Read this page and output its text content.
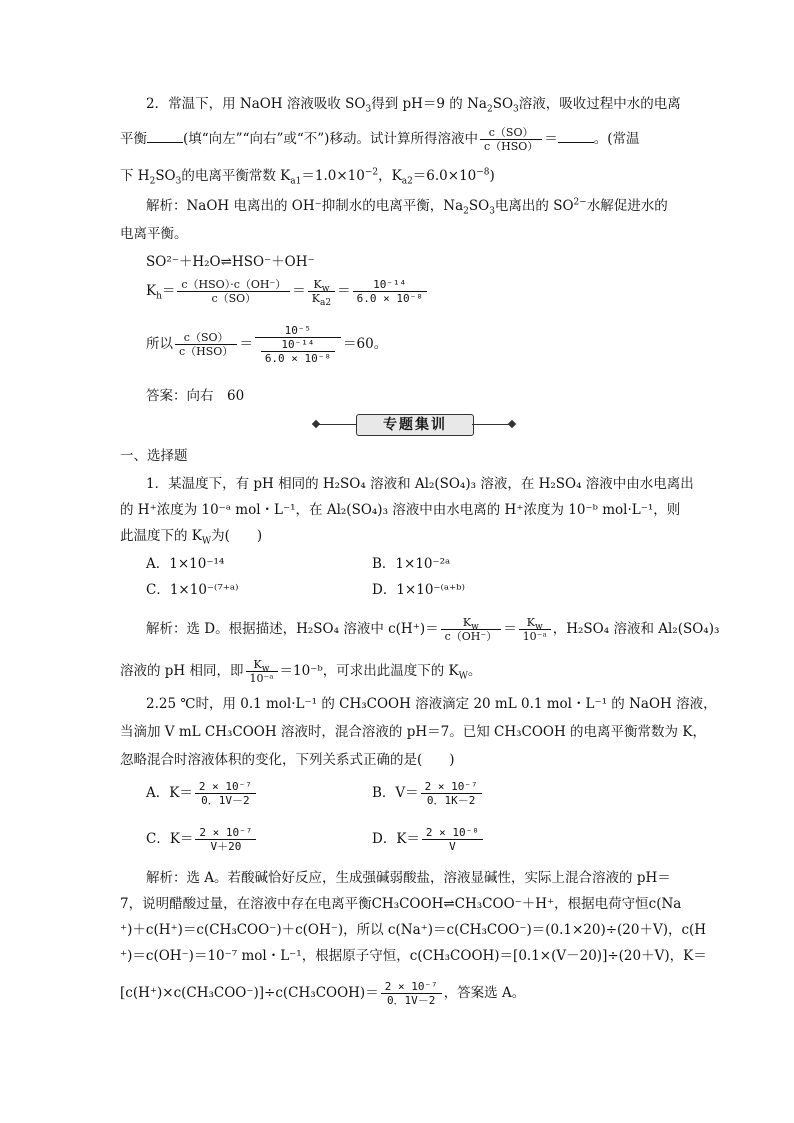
2．常温下，用 NaOH 溶液吸收 $SO_3$得到 pH＝9 的 $Na_2SO_3$溶液，吸收过程中水的电离
平衡	(填“向左”“向右”或“不”)移动。试计算所得溶液中 $\frac{c(SO)}{\text{c（HSO）}}$ ＝	。(常温
下 $H_2SO_3$的电离平衡常数 $K_{a1}=1.0\times 10^{-2}$，$K_{a2}=6.0\times 10^{-8}$)
解析：NaOH 电离出的 OH⁻抑制水的电离平衡，$Na_2SO_3$电离出的 $SO^{2-}$水解促进水的
电离平衡。
SO²⁻＋H₂O⇌HSO⁻＋OH⁻
$K_h= \frac{\text{c（HSO）·c（OH⁻）}}{c(SO)} = \frac{K_w}{K_{a2}} = \frac{\text{10⁻¹⁴}}{\text{6.0 × 10⁻⁸}}$
所以 $\frac{c(SO)}{\text{c（HSO）}} = \frac{\text{10⁻⁵}}{\frac{\text{10⁻¹⁴}}{\text{6.0 × 10⁻⁸}}} =60$。
答案：向右　60
专题集训
一、选择题
1．某温度下，有 pH 相同的 H₂SO₄ 溶液和 Al₂(SO₄)₃ 溶液，在 H₂SO₄ 溶液中由水电离出
的 H⁺浓度为 10⁻ᵃ mol・L⁻¹，在 Al₂(SO₄)₃ 溶液中由水电离的 H⁺浓度为 10⁻ᵇ mol·L⁻¹，则
此温度下的 $K_W$为(　　)
A．1×10⁻¹⁴	B．1×10⁻²ᵃ
C．1×10⁻⁽⁷⁺ᵃ⁾	D．1×10⁻⁽ᵃ⁺ᵇ⁾
解析：选 D。根据描述，H₂SO₄ 溶液中 $c(H^+)= \frac{K_w}{c(OH^-)} = \frac{K_w}{\text{10⁻ᵃ}}$ ，H₂SO₄ 溶液和 Al₂(SO₄)₃
溶液的 pH 相同，即 $\frac{K_w}{\text{10⁻ᵃ}}$ ＝10⁻ᵇ，可求出此温度下的 $K_W$。
2.25 ℃时，用 0.1 mol·L⁻¹ 的 CH₃COOH 溶液滴定 20 mL 0.1 mol・L⁻¹ 的 NaOH 溶液，
当滴加 V mL CH₃COOH 溶液时，混合溶液的 pH＝7。已知 CH₃COOH 的电离平衡常数为 K，
忽略混合时溶液体积的变化，下列关系式正确的是(　　)
A．$K= \frac{\text{2 × 10⁻⁷}}{0.1V-2}$	B．$V= \frac{\text{2 × 10⁻⁷}}{0.1K-2}$
C．$K= \frac{\text{2 × 10⁻⁷}}{V+20}$	D．$K= \frac{\text{2 × 10⁻⁸}}{V}$
解析：选 A。若酸碱恰好反应，生成强碱弱酸盐，溶液显碱性，实际上混合溶液的 pH＝
7，说明醋酸过量，在溶液中存在电离平衡CH₃COOH⇌CH₃COO⁻＋H⁺，根据电荷守恒c(Na
⁺)＋c(H⁺)＝c(CH₃COO⁻)＋c(OH⁻)，所以 c(Na⁺)＝c(CH₃COO⁻)＝(0.1×20)÷(20＋V)，c(H
⁺)＝c(OH⁻)＝10⁻⁷ mol・L⁻¹，根据原子守恒，c(CH₃COOH)＝[0.1×(V－20)]÷(20＋V)，K＝
[c(H⁺)×c(CH₃COO⁻)]÷c(CH₃COOH)＝ $\frac{\text{2 × 10⁻⁷}}{0.1V-2}$ ，答案选 A。
